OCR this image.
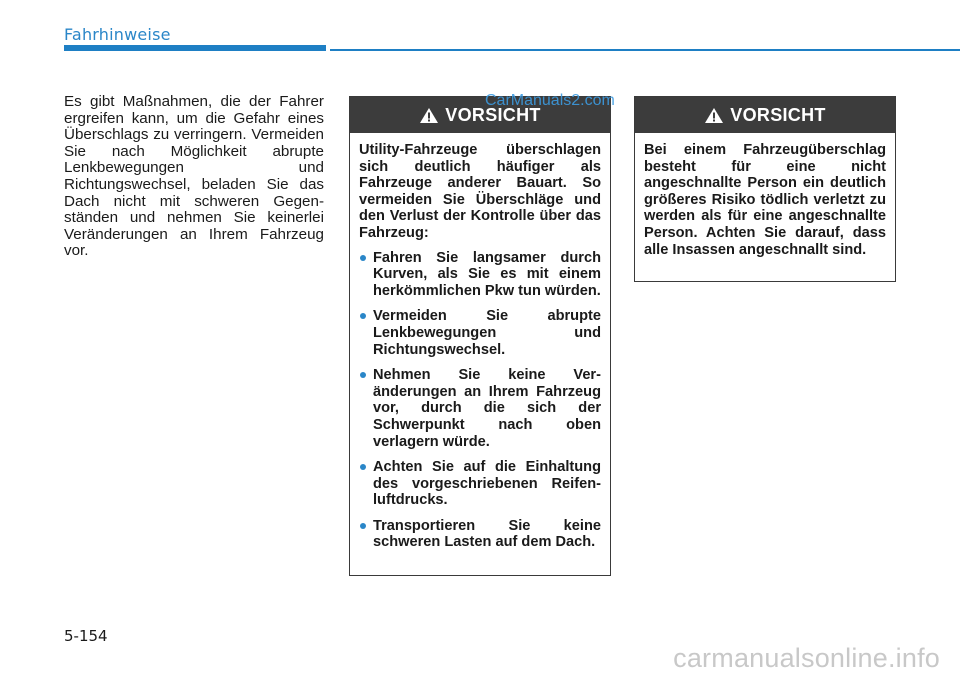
Fahrhinweise
Es gibt Maßnahmen, die der Fahrer ergreifen kann, um die Gefahr eines Überschlags zu verringern. Vermeiden Sie nach Möglichkeit abrupte Lenkbewegungen und Richtungswechsel, beladen Sie das Dach nicht mit schweren Gegenständen und nehmen Sie keinerlei Veränderungen an Ihrem Fahrzeug vor.
VORSICHT
Utility-Fahrzeuge überschlagen sich deutlich häufiger als Fahrzeuge anderer Bauart. So vermeiden Sie Überschläge und den Verlust der Kontrolle über das Fahrzeug:
Fahren Sie langsamer durch Kurven, als Sie es mit einem herkömmlichen Pkw tun würden.
Vermeiden Sie abrupte Lenkbewegungen und Richtungswechsel.
Nehmen Sie keine Veränderungen an Ihrem Fahrzeug vor, durch die sich der Schwerpunkt nach oben verlagern würde.
Achten Sie auf die Einhaltung des vorgeschriebenen Reifenluftdrucks.
Transportieren Sie keine schweren Lasten auf dem Dach.
VORSICHT
Bei einem Fahrzeugüberschlag besteht für eine nicht angeschnallte Person ein deutlich größeres Risiko tödlich verletzt zu werden als für eine angeschnallte Person. Achten Sie darauf, dass alle Insassen angeschnallt sind.
CarManuals2.com
5-154
carmanualsonline.info
